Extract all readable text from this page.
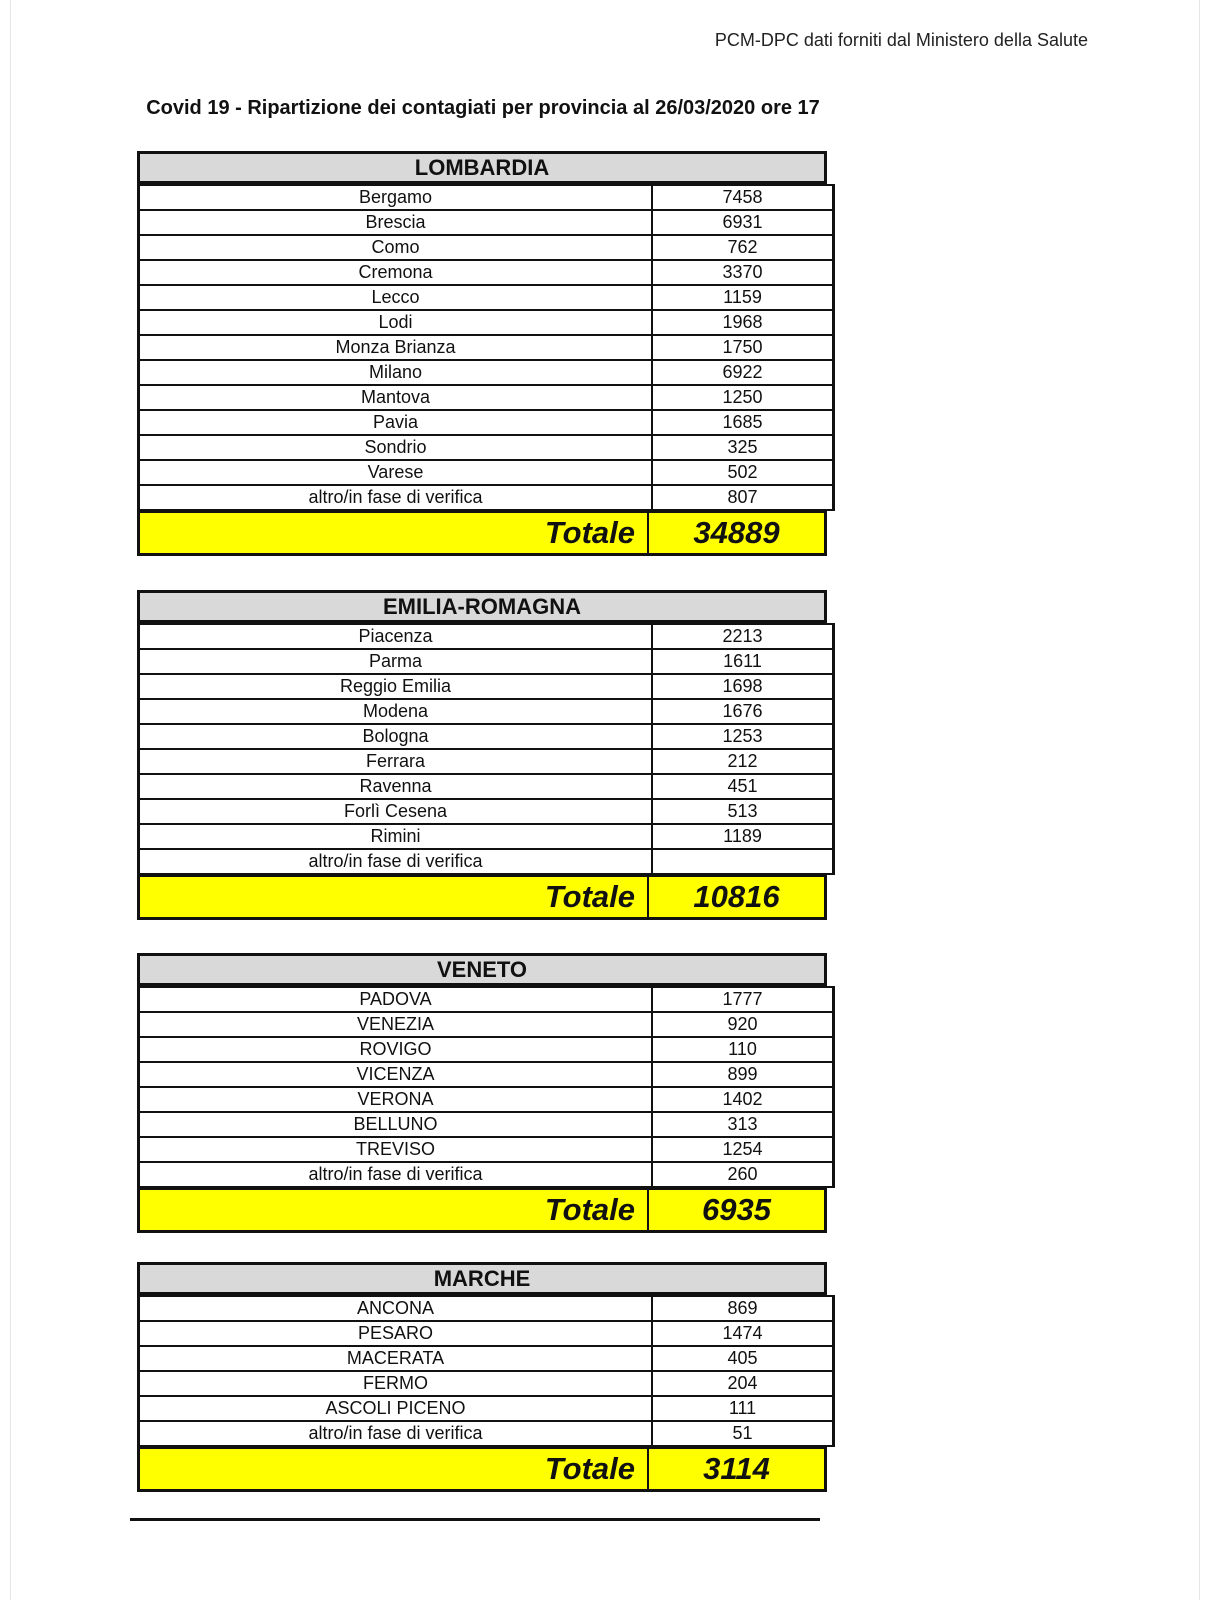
PCM-DPC dati forniti dal Ministero della Salute
Covid 19 - Ripartizione dei contagiati per provincia al 26/03/2020 ore 17
LOMBARDIA
Bergamo	7458
Brescia	6931
Como	762
Cremona	3370
Lecco	1159
Lodi	1968
Monza Brianza	1750
Milano	6922
Mantova	1250
Pavia	1685
Sondrio	325
Varese	502
altro/in fase di verifica	807
Totale	34889
EMILIA-ROMAGNA
Piacenza	2213
Parma	1611
Reggio Emilia	1698
Modena	1676
Bologna	1253
Ferrara	212
Ravenna	451
Forlì Cesena	513
Rimini	1189
altro/in fase di verifica	
Totale	10816
VENETO
PADOVA	1777
VENEZIA	920
ROVIGO	110
VICENZA	899
VERONA	1402
BELLUNO	313
TREVISO	1254
altro/in fase di verifica	260
Totale	6935
MARCHE
ANCONA	869
PESARO	1474
MACERATA	405
FERMO	204
ASCOLI PICENO	111
altro/in fase di verifica	51
Totale	3114
